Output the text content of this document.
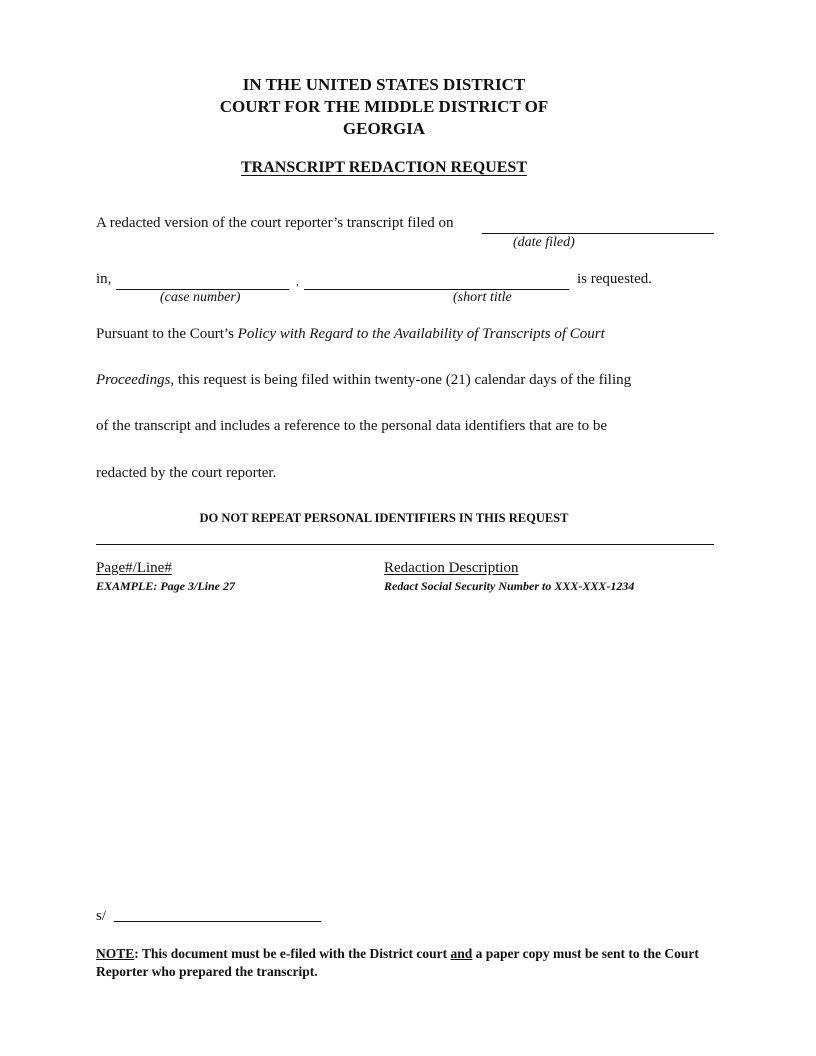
IN THE UNITED STATES DISTRICT
COURT FOR THE MIDDLE DISTRICT OF
GEORGIA
TRANSCRIPT REDACTION REQUEST
A redacted version of the court reporter’s transcript filed on
(date filed)
in,	,	is requested.
(case number)	(short title
Pursuant to the Court’s Policy with Regard to the Availability of Transcripts of Court
Proceedings, this request is being filed within twenty-one (21) calendar days of the filing
of the transcript and includes a reference to the personal data identifiers that are to be
redacted by the court reporter.
DO NOT REPEAT PERSONAL IDENTIFIERS IN THIS REQUEST
Page#/Line#	Redaction Description
EXAMPLE: Page 3/Line 27	Redact Social Security Number to XXX-XXX-1234
s/
NOTE: This document must be e-filed with the District court and a paper copy must be sent to the Court Reporter who prepared the transcript.
